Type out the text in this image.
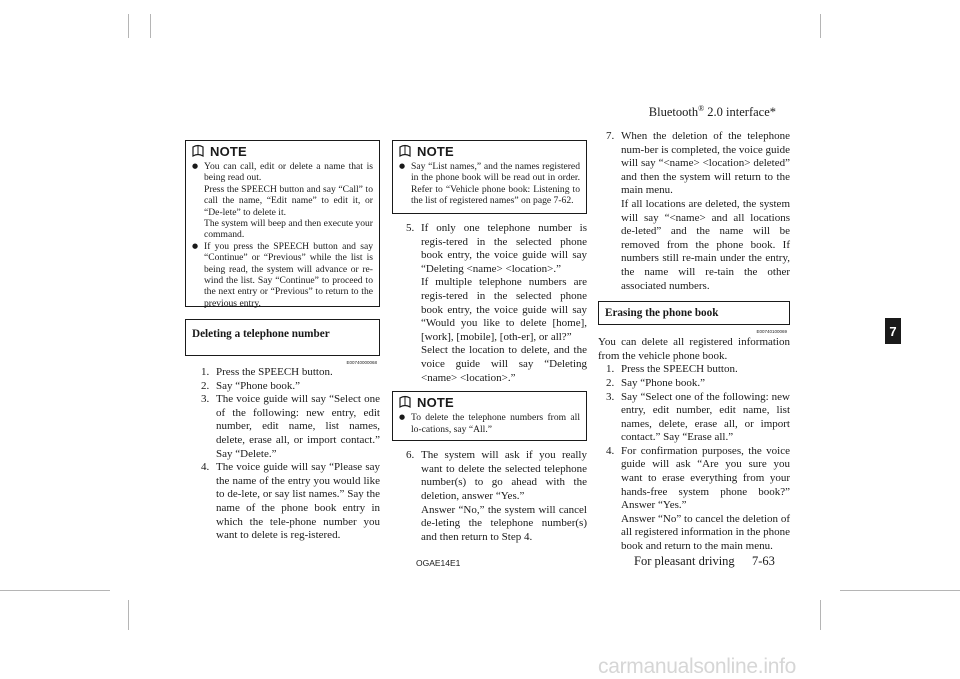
Bluetooth® 2.0 interface*
7
NOTE
● You can call, edit or delete a name that is being read out.
Press the SPEECH button and say “Call” to call the name, “Edit name” to edit it, or “De-lete” to delete it.
The system will beep and then execute your command.
● If you press the SPEECH button and say “Continue” or “Previous” while the list is being read, the system will advance or re-wind the list. Say “Continue” to proceed to the next entry or “Previous” to return to the previous entry.
Deleting a telephone number
E00740000068
1. Press the SPEECH button.
2. Say “Phone book.”
3. The voice guide will say “Select one of the following: new entry, edit number, edit name, list names, delete, erase all, or import contact.” Say “Delete.”
4. The voice guide will say “Please say the name of the entry you would like to de-lete, or say list names.” Say the name of the phone book entry in which the tele-phone number you want to delete is reg-istered.
NOTE
● Say “List names,” and the names registered in the phone book will be read out in order. Refer to “Vehicle phone book: Listening to the list of registered names” on page 7-62.
5. If only one telephone number is regis-tered in the selected phone book entry, the voice guide will say “Deleting <name> <location>.”
If multiple telephone numbers are regis-tered in the selected phone book entry, the voice guide will say “Would you like to delete [home], [work], [mobile], [oth-er], or all?”
Select the location to delete, and the voice guide will say “Deleting <name> <location>.”
NOTE
● To delete the telephone numbers from all lo-cations, say “All.”
6. The system will ask if you really want to delete the selected telephone number(s) to go ahead with the deletion, answer “Yes.”
Answer “No,” the system will cancel de-leting the telephone number(s) and then return to Step 4.
7. When the deletion of the telephone num-ber is completed, the voice guide will say “<name> <location> deleted” and then the system will return to the main menu.
If all locations are deleted, the system will say “<name> and all locations de-leted” and the name will be removed from the phone book. If numbers still re-main under the entry, the name will re-tain the other associated numbers.
Erasing the phone book
E00740100069
You can delete all registered information from the vehicle phone book.
1. Press the SPEECH button.
2. Say “Phone book.”
3. Say “Select one of the following: new entry, edit number, edit name, list names, delete, erase all, or import contact.” Say “Erase all.”
4. For confirmation purposes, the voice guide will ask “Are you sure you want to erase everything from your hands-free system phone book?” Answer “Yes.”
Answer “No” to cancel the deletion of all registered information in the phone book and return to the main menu.
OGAE14E1	For pleasant driving 7-63
carmanualsonline.info
